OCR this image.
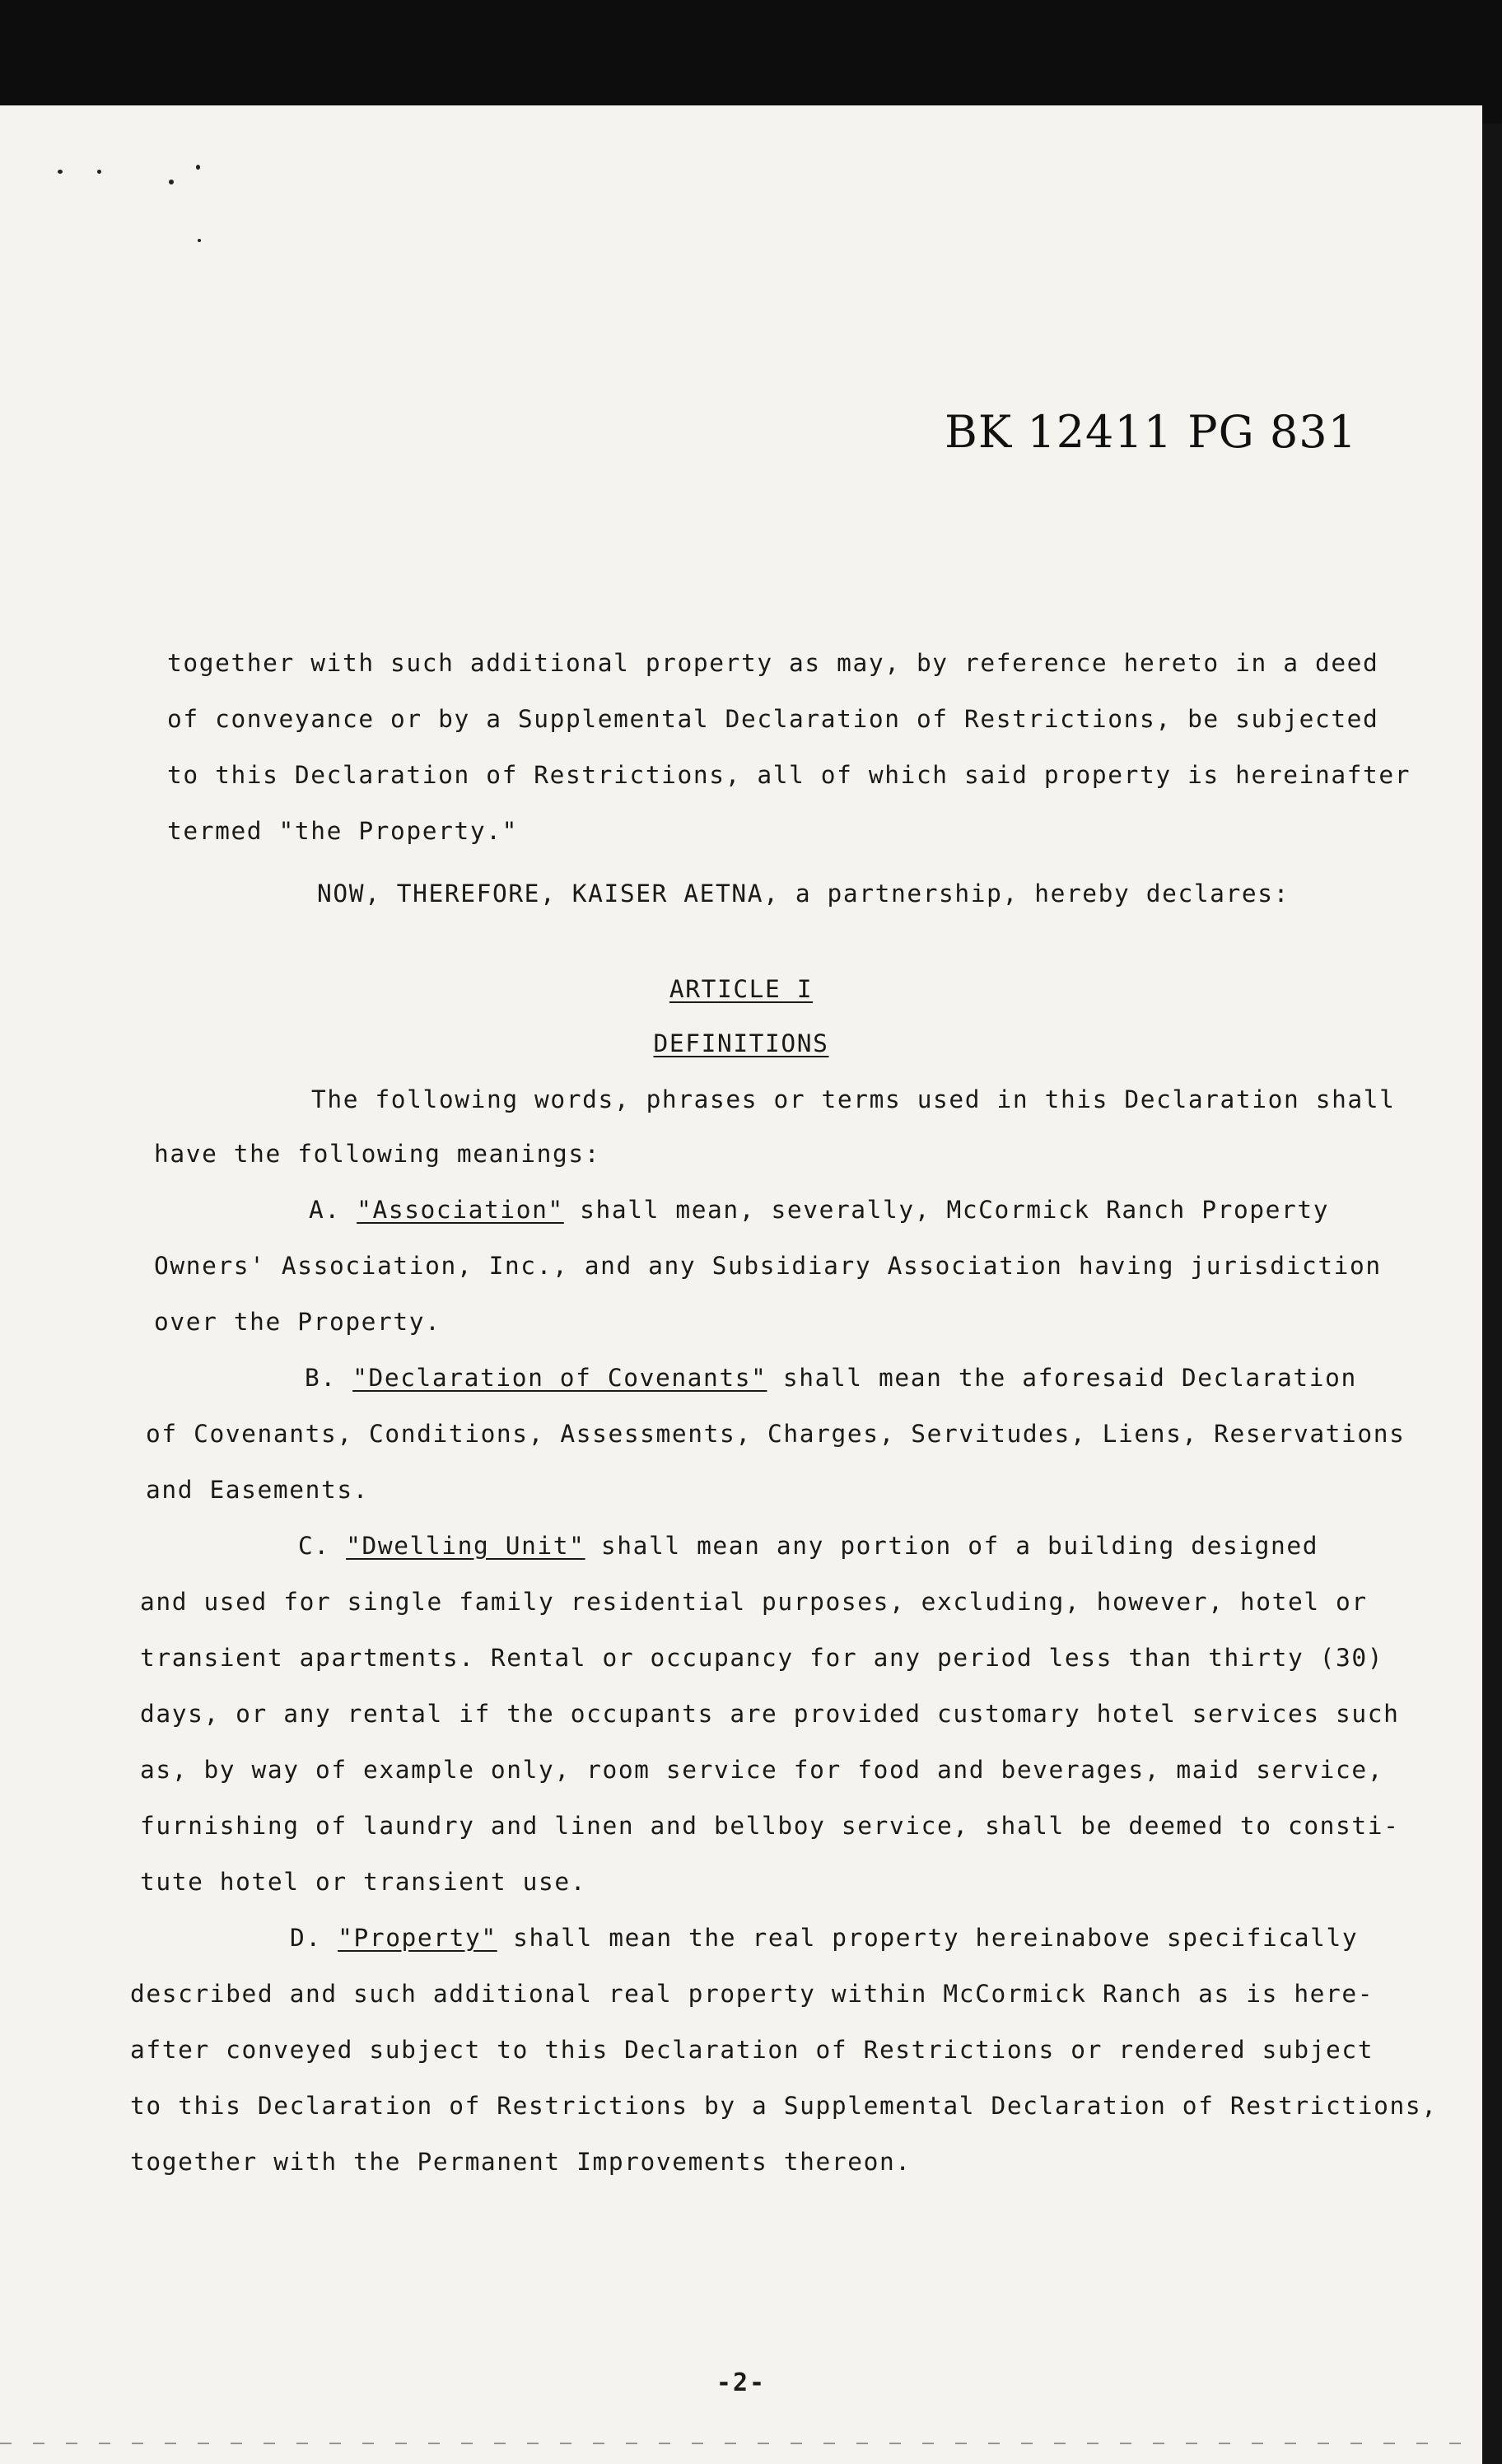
BK 12411 PG 831
together with such additional property as may, by reference hereto in a deed
of conveyance or by a Supplemental Declaration of Restrictions, be subjected
to this Declaration of Restrictions, all of which said property is hereinafter
termed "the Property."
NOW, THEREFORE, KAISER AETNA, a partnership, hereby declares:
ARTICLE I
DEFINITIONS
The following words, phrases or terms used in this Declaration shall
have the following meanings:
A. "Association" shall mean, severally, McCormick Ranch Property
Owners' Association, Inc., and any Subsidiary Association having jurisdiction
over the Property.
B. "Declaration of Covenants" shall mean the aforesaid Declaration
of Covenants, Conditions, Assessments, Charges, Servitudes, Liens, Reservations
and Easements.
C. "Dwelling Unit" shall mean any portion of a building designed
and used for single family residential purposes, excluding, however, hotel or
transient apartments. Rental or occupancy for any period less than thirty (30)
days, or any rental if the occupants are provided customary hotel services such
as, by way of example only, room service for food and beverages, maid service,
furnishing of laundry and linen and bellboy service, shall be deemed to consti-
tute hotel or transient use.
D. "Property" shall mean the real property hereinabove specifically
described and such additional real property within McCormick Ranch as is here-
after conveyed subject to this Declaration of Restrictions or rendered subject
to this Declaration of Restrictions by a Supplemental Declaration of Restrictions,
together with the Permanent Improvements thereon.
-2-
